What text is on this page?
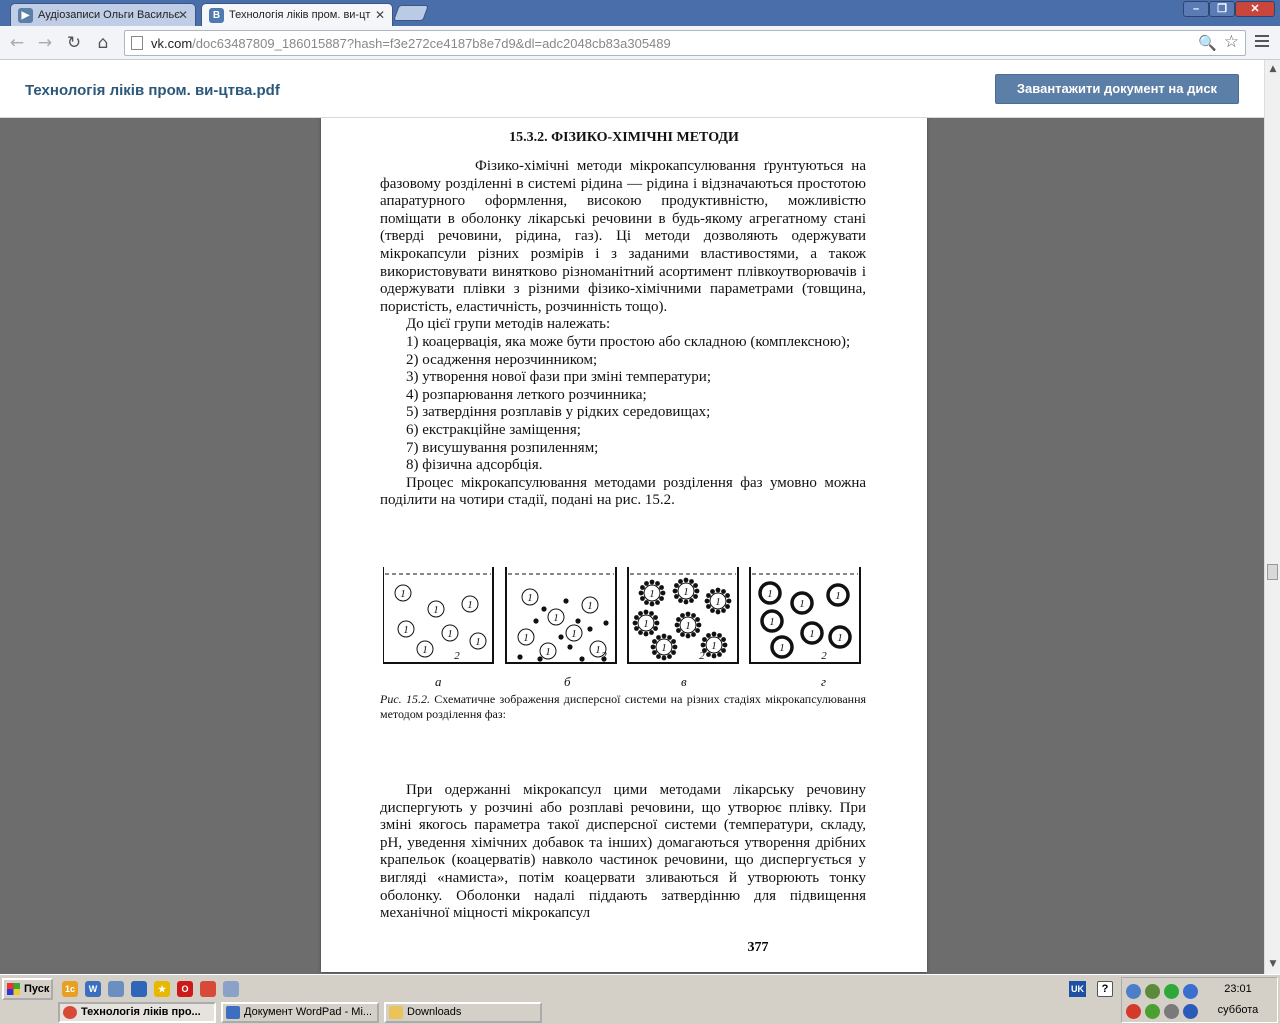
▶ Аудіозаписи Ольги Васильє
✕	B Технологія ліків пром. ви-цт ✕	–	❐	✕
← → ↻ ⌂	vk.com/doc63487809_186015887?hash=f3e272ce4187b8e7d9&dl=adc2048cb83a305489	🔍 ☆
Технологія ліків пром. ви-цтва.pdf	Завантажити документ на диск
15.3.2. ФІЗИКО-ХІМІЧНІ МЕТОДИ

Фізико-хімічні методи мікрокапсулювання ґрунтуються на фазовому розділенні в системі рідина — рідина і відзначаються простотою апаратурного оформлення, високою продуктивністю, можливістю поміщати в оболонку лікарські речовини в будь-якому агрегатному стані (тверді речовини, рідина, газ). Ці методи дозволяють одержувати мікрокапсули різних розмірів і з заданими властивостями, а також використовувати винятково різноманітний асортимент плівкоутворювачів і одержувати плівки з різними фізико-хімічними параметрами (товщина, пористість, еластичність, розчинність тощо).

До цієї групи методів належать:

1) коацервація, яка може бути простою або складною (комплексною);

2) осадження нерозчинником;

3) утворення нової фази при зміні температури;

4) розпарювання леткого розчинника;

5) затвердіння розплавів у рідких середовищах;

6) екстракційне заміщення;

7) висушування розпиленням;

8) фізична адсорбція.

Процес мікрокапсулювання методами розділення фаз умовно можна поділити на чотири стадії, подані на рис. 15.2.

1
1	1
1	1
1
1 2
1
1
1
1	1
1	1 2
1	1
1
1	1
1	1
2
1
1
1
1
1
1
1
2
а	б	в	г
Рис. 15.2. Схематичне зображення дисперсної системи на різних стадіях мікрокапсулювання методом розділення фаз:

При одержанні мікрокапсул цими методами лікарську речовину диспергують у розчині або розплаві речовини, що утворює плівку. При зміні якогось параметра такої дисперсної системи (температури, складу, pH, уведення хімічних добавок та інших) домагаються утворення дрібних крапельок (коацерватів) навколо частинок речовини, що диспергується у вигляді «намиста», потім коацервати зливаються й утворюють тонку оболонку. Оболонки надалі піддають затвердінню для підвищення механічної міцності мікрокапсул

377
▲
▼
Пуск	1c	W	★	O
Технологія ліків про...	Документ WordPad - Mi...	Downloads
UK	?	23:01
суббота
